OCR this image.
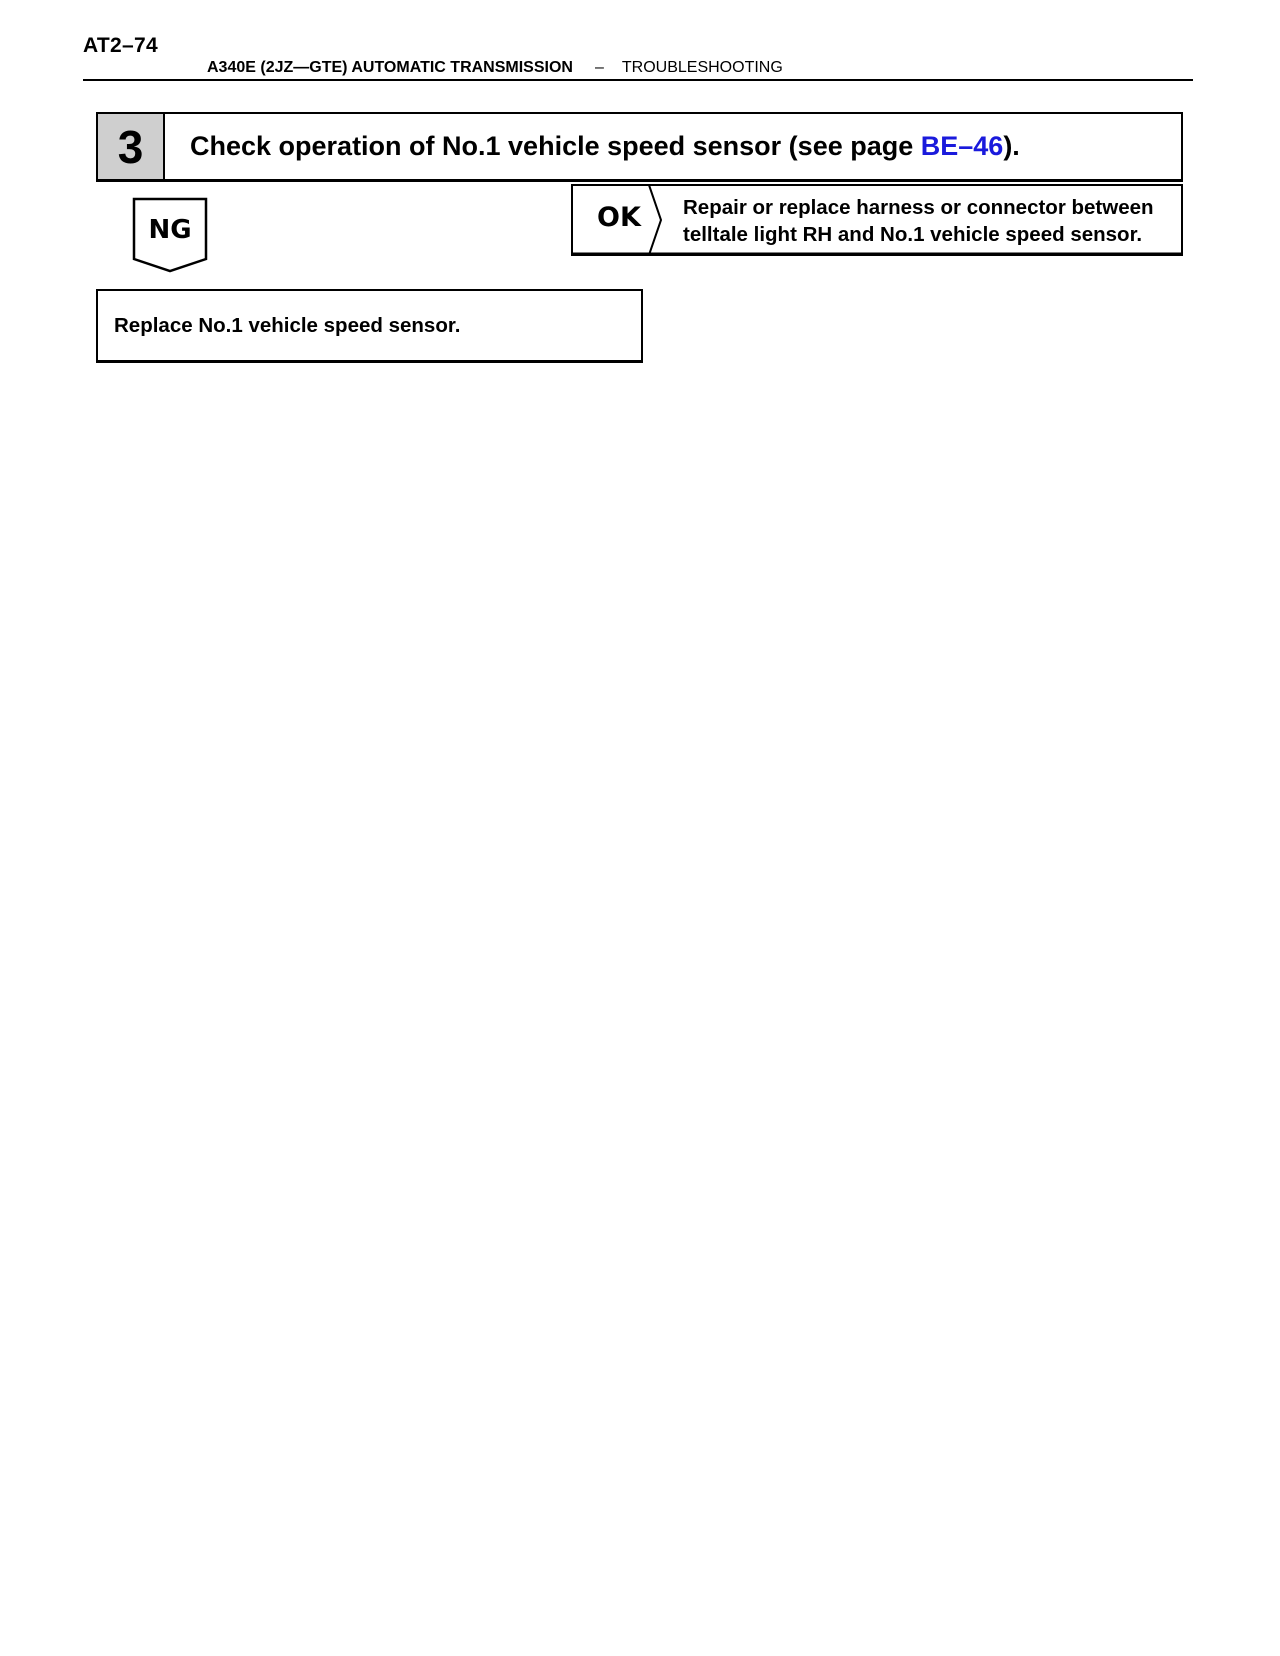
AT2–74
A340E (2JZ—GTE) AUTOMATIC TRANSMISSION – TROUBLESHOOTING
3 Check operation of No.1 vehicle speed sensor (see page BE–46).
NG	OK Repair or replace harness or connector between telltale light RH and No.1 vehicle speed sensor.
Replace No.1 vehicle speed sensor.
